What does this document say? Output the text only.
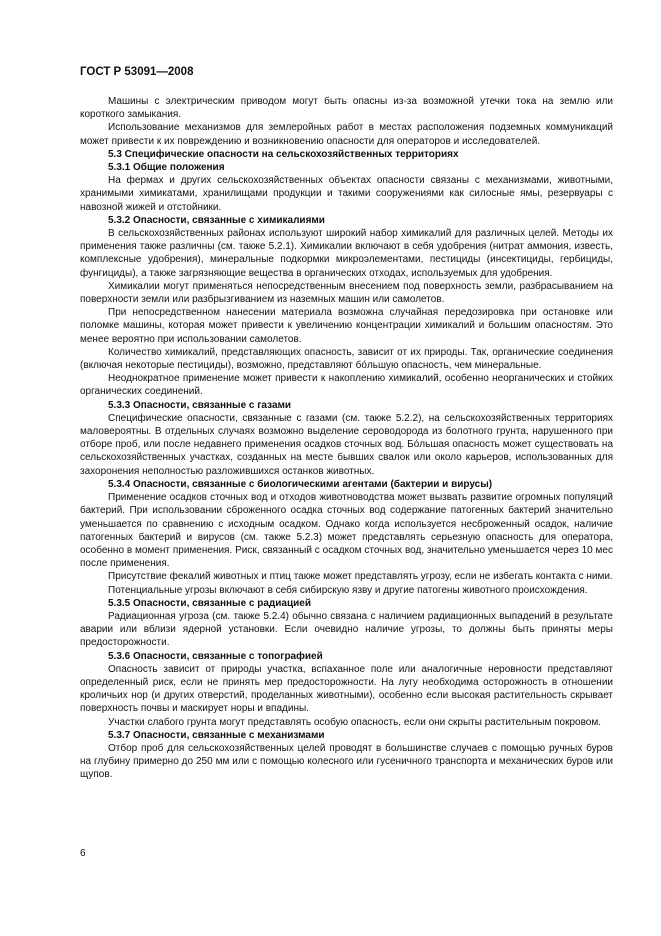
ГОСТ Р 53091—2008

Машины с электрическим приводом могут быть опасны из-за возможной утечки тока на землю или короткого замыкания.

Использование механизмов для землеройных работ в местах расположения подземных коммуникаций может привести к их повреждению и возникновению опасности для операторов и исследователей.

5.3 Специфические опасности на сельскохозяйственных территориях
5.3.1 Общие положения

На фермах и других сельскохозяйственных объектах опасности связаны с механизмами, животными, хранимыми химикатами, хранилищами продукции и такими сооружениями как силосные ямы, резервуары с навозной жижей и отстойники.

5.3.2 Опасности, связанные с химикалиями

В сельскохозяйственных районах используют широкий набор химикалий для различных целей. Методы их применения также различны (см. также 5.2.1). Химикалии включают в себя удобрения (нитрат аммония, известь, комплексные удобрения), минеральные подкормки микроэлементами, пестициды (инсектициды, гербициды, фунгициды), а также загрязняющие вещества в органических отходах, используемых для удобрения.

Химикалии могут применяться непосредственным внесением под поверхность земли, разбрасыванием на поверхности земли или разбрызгиванием из наземных машин или самолетов.

При непосредственном нанесении материала возможна случайная передозировка при остановке или поломке машины, которая может привести к увеличению концентрации химикалий и большим опасностям. Это менее вероятно при использовании самолетов.

Количество химикалий, представляющих опасность, зависит от их природы. Так, органические соединения (включая некоторые пестициды), возможно, представляют бо́льшую опасность, чем минеральные.

Неоднократное применение может привести к накоплению химикалий, особенно неорганических и стойких органических соединений.

5.3.3 Опасности, связанные с газами

Специфические опасности, связанные с газами (см. также 5.2.2), на сельскохозяйственных территориях маловероятны. В отдельных случаях возможно выделение сероводорода из болотного грунта, нарушенного при отборе проб, или после недавнего применения осадков сточных вод. Бо́льшая опасность может существовать на сельскохозяйственных участках, созданных на месте бывших свалок или около карьеров, использованных для захоронения неполностью разложившихся останков животных.

5.3.4 Опасности, связанные с биологическими агентами (бактерии и вирусы)

Применение осадков сточных вод и отходов животноводства может вызвать развитие огромных популяций бактерий. При использовании сброженного осадка сточных вод содержание патогенных бактерий значительно уменьшается по сравнению с исходным осадком. Однако когда используется несброженный осадок, наличие патогенных бактерий и вирусов (см. также 5.2.3) может представлять серьезную опасность для оператора, особенно в момент применения. Риск, связанный с осадком сточных вод, значительно уменьшается через 10 мес после применения.

Присутствие фекалий животных и птиц также может представлять угрозу, если не избегать контакта с ними.

Потенциальные угрозы включают в себя сибирскую язву и другие патогены животного происхождения.

5.3.5 Опасности, связанные с радиацией

Радиационная угроза (см. также 5.2.4) обычно связана с наличием радиационных выпадений в результате аварии или вблизи ядерной установки. Если очевидно наличие угрозы, то должны быть приняты меры предосторожности.

5.3.6 Опасности, связанные с топографией

Опасность зависит от природы участка, вспаханное поле или аналогичные неровности представляют определенный риск, если не принять мер предосторожности. На лугу необходима осторожность в отношении кроличьих нор (и других отверстий, проделанных животными), особенно если высокая растительность скрывает поверхность почвы и маскирует норы и впадины.

Участки слабого грунта могут представлять особую опасность, если они скрыты растительным покровом.

5.3.7 Опасности, связанные с механизмами

Отбор проб для сельскохозяйственных целей проводят в большинстве случаев с помощью ручных буров на глубину примерно до 250 мм или с помощью колесного или гусеничного транспорта и механических буров или щупов.

6
